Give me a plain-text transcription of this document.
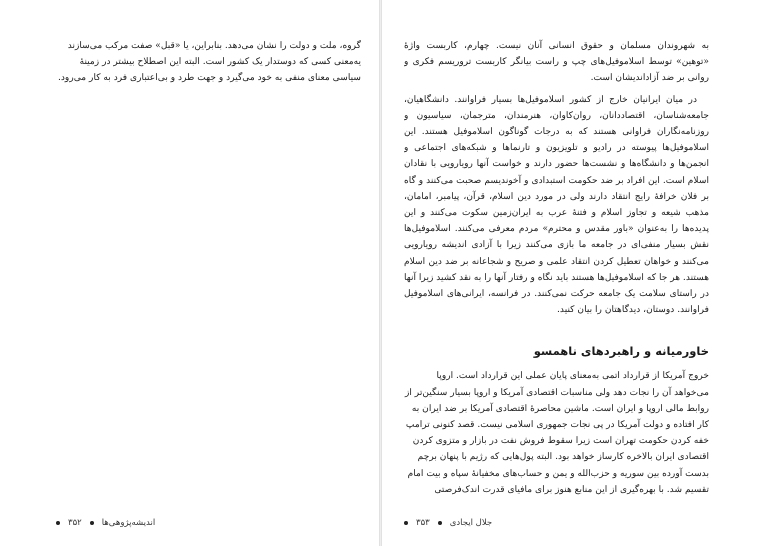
گروه، ملت و دولت را نشان می‌دهد. بنابراین، یا «قبل» صفت مرکب می‌سازند یه‌معنی کسی که دوستدار یک کشور است. البته این اصطلاح بیشتر در زمینهٔ سیاسی معنای منفی به خود می‌گیرد و جهت طرد و بی‌اعتباری فرد به کار می‌رود.

به شهروندان مسلمان و حقوق انسانی آنان نیست. چهارم، کاربست واژهٔ «توهین» توسط اسلاموفیل‌های چپ و راست بیانگر کاربست تروریسم فکری و روانی بر ضد آزاداندیشان است.

در میان ایرانیان خارج از کشور اسلاموفیل‌ها بسیار فراوانند. دانشگاهیان، جامعه‌شناسان، اقتصاددانان، روان‌کاوان، هنرمندان، مترجمان، سیاسیون و روزنامه‌نگاران فراوانی هستند که به درجات گوناگون اسلاموفیل هستند. این اسلاموفیل‌ها پیوسته در رادیو و تلویزیون و تارنماها و شبکه‌های اجتماعی و انجمن‌ها و دانشگاه‌ها و نشست‌ها حضور دارند و خواست آنها رویارویی با نقادان اسلام است. این افراد بر ضد حکومت استبدادی و آخوندیسم صحبت می‌کنند و گاه بر فلان خرافهٔ رایج انتقاد دارند ولی در مورد دین اسلام، قرآن، پیامبر، امامان، مذهب شیعه و تجاوز اسلام و فتنهٔ عرب به ایران‌زمین سکوت می‌کنند و این پدیده‌ها را به‌عنوان «باور مقدس و محترم» مردم معرفی می‌کنند. اسلاموفیل‌ها نقش بسیار منفی‌ای در جامعه ما بازی می‌کنند زیرا با آزادی اندیشه رویارویی می‌کنند و خواهان تعطیل کردن انتقاد علمی و صریح و شجاعانه بر ضد دین اسلام هستند. هر جا که اسلاموفیل‌ها هستند باید نگاه و رفتار آنها را به نقد کشید زیرا آنها در راستای سلامت یک جامعه حرکت نمی‌کنند. در فرانسه، ایرانی‌های اسلاموفیل فراوانند. دوستان، دیدگاهتان را بیان کنید.

خاورمیانه و راهبردهای ناهمسو

خروج آمریکا از قرارداد اتمی به‌معنای پایان عملی این قرارداد است. اروپا می‌خواهد آن را نجات دهد ولی مناسبات اقتصادی آمریکا و اروپا بسیار سنگین‌تر از روابط مالی اروپا و ایران است. ماشین محاصرهٔ اقتصادی آمریکا بر ضد ایران به کار افتاده و دولت آمریکا در پی نجات جمهوری اسلامی نیست. قصد کنونی ترامپ خفه کردن حکومت تهران است زیرا سقوط فروش نفت در بازار و متزوی کردن اقتصادی ایران بالاخره کارساز خواهد بود. البته پول‌هایی که رژیم با پنهان برچم بدست آورده بین سوریه و حزب‌الله و یمن و حساب‌های مخفیانهٔ سپاه و بیت امام تقسیم شد. با بهره‌گیری از این منابع هنوز برای مافیای قدرت اندک‌فرصتی

۳۵۲ اندیشه‌پژوهی‌ها	۳۵۳ جلال ایجادی
